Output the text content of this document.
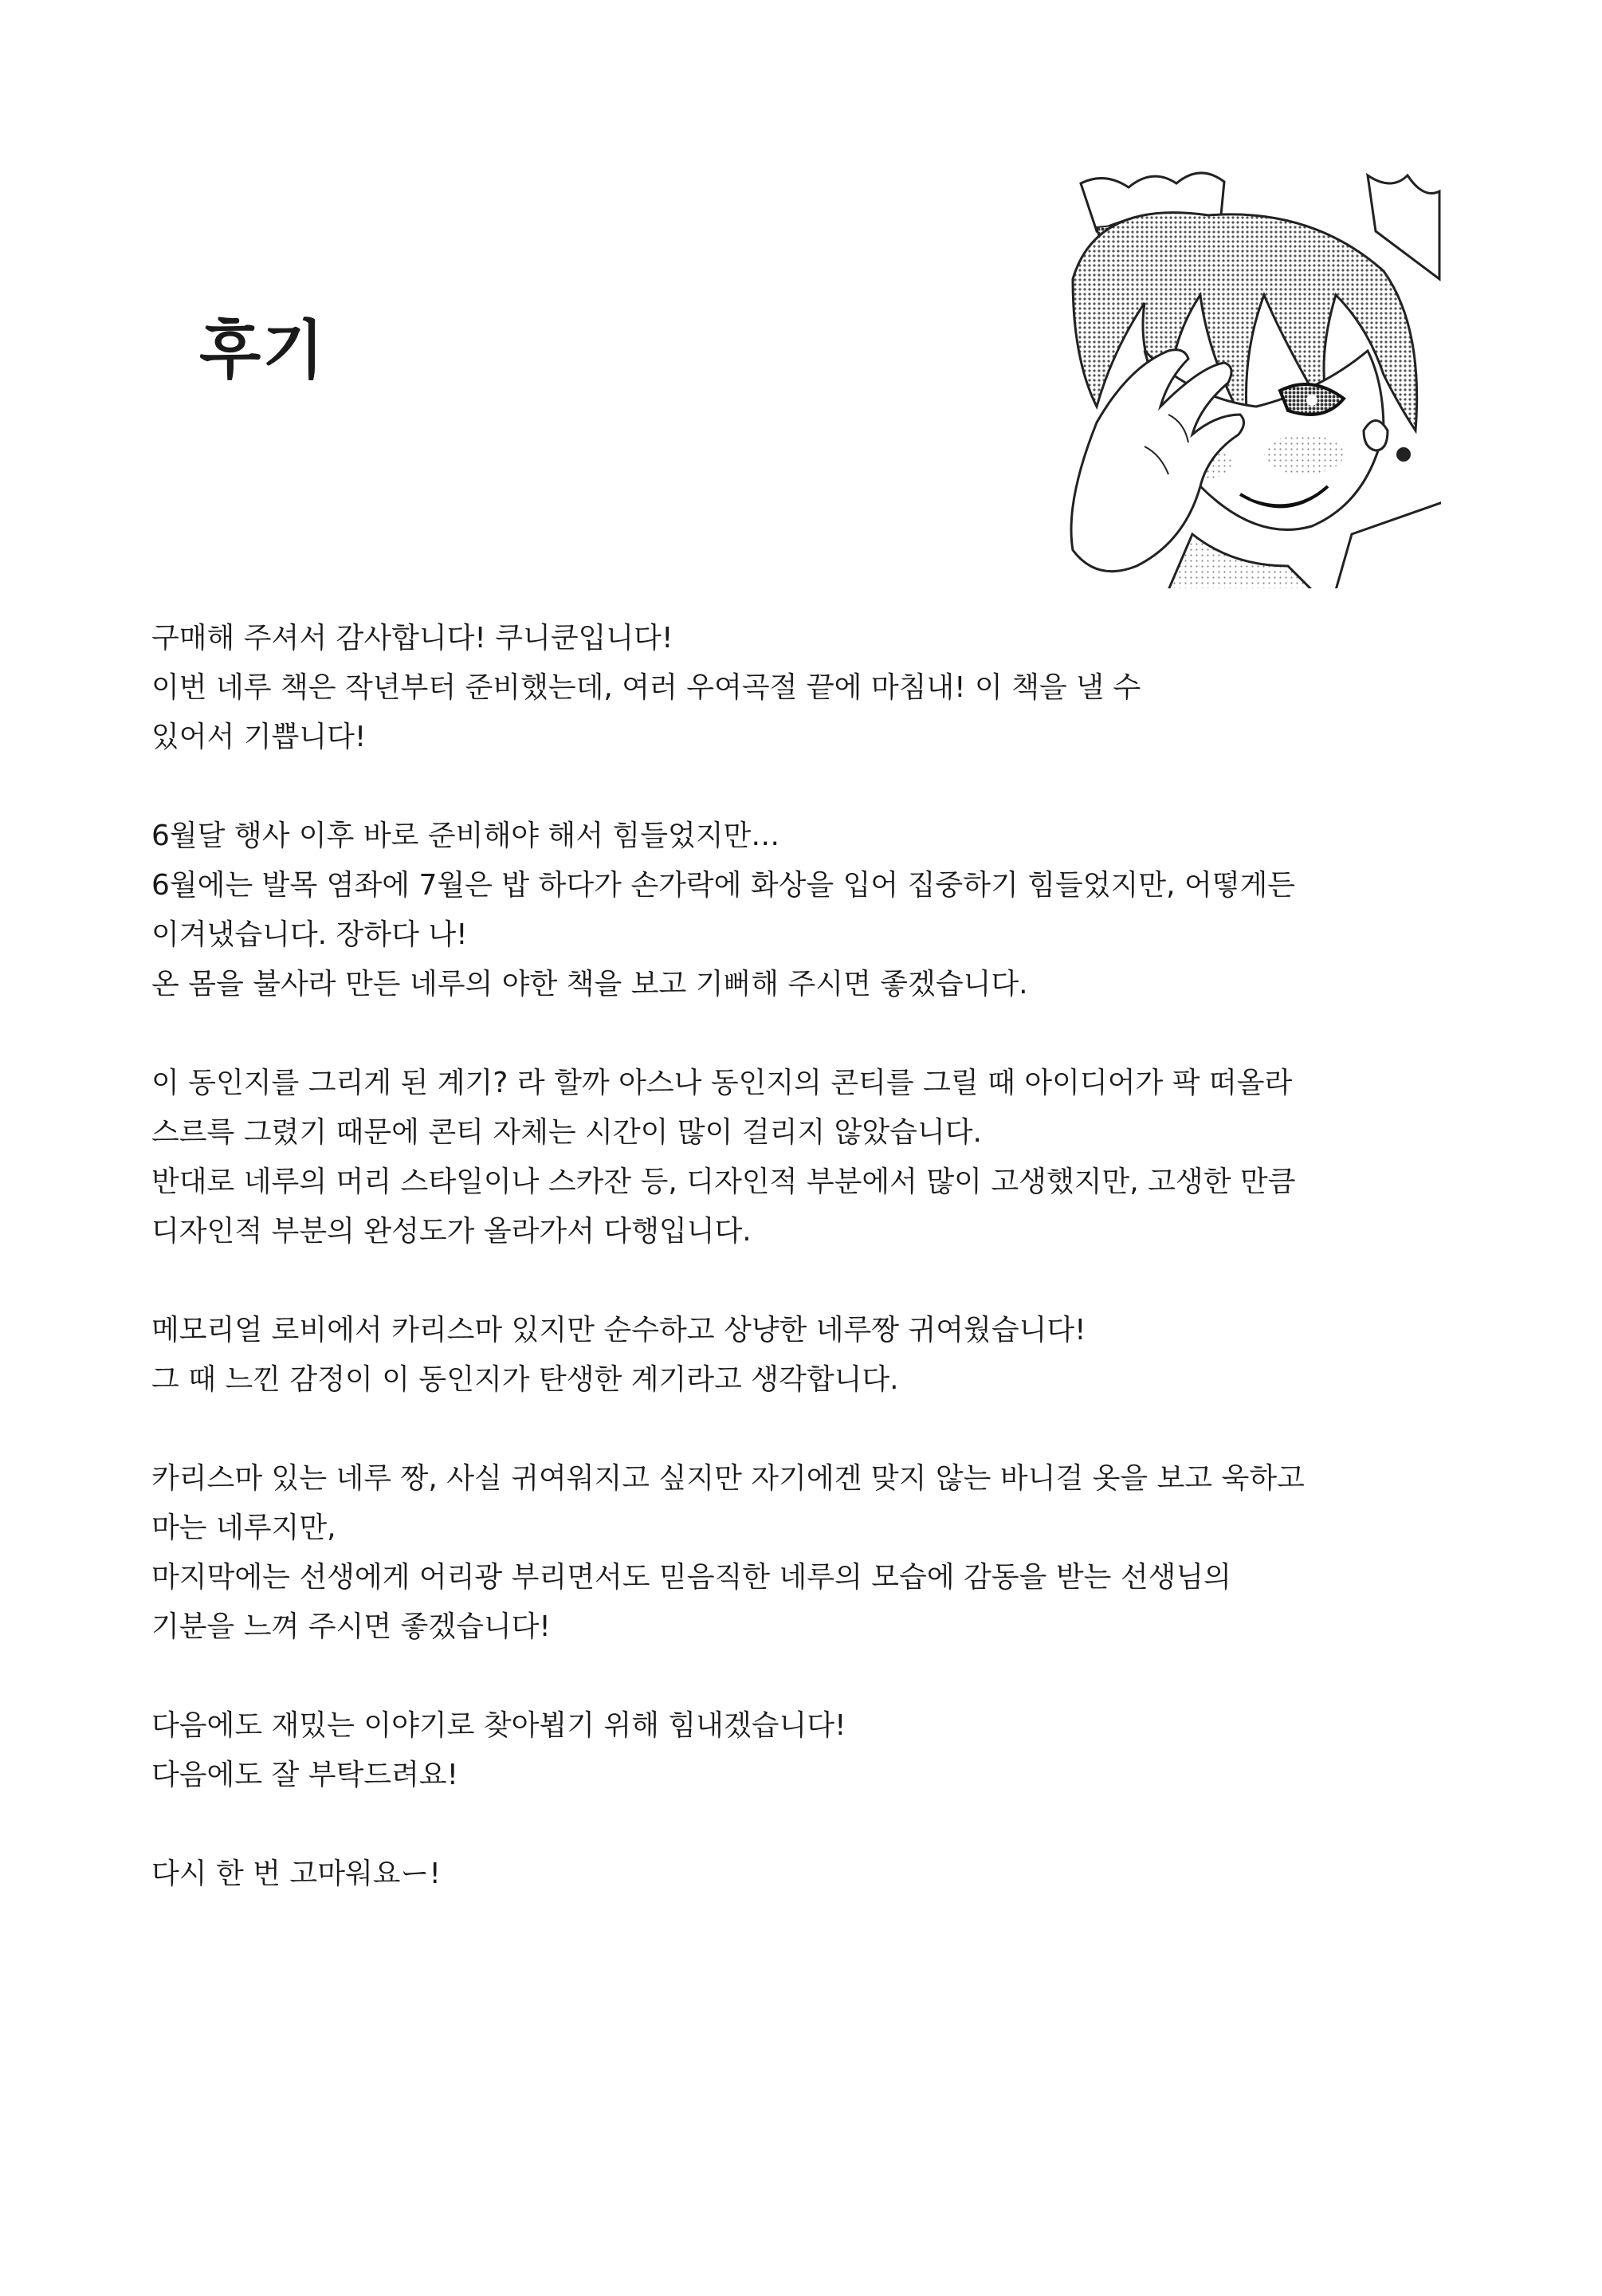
후기

구매해 주셔서 감사합니다! 쿠니쿤입니다!
이번 네루 책은 작년부터 준비했는데, 여러 우여곡절 끝에 마침내! 이 책을 낼 수
있어서 기쁩니다!

6월달 행사 이후 바로 준비해야 해서 힘들었지만…
6월에는 발목 염좌에 7월은 밥 하다가 손가락에 화상을 입어 집중하기 힘들었지만, 어떻게든
이겨냈습니다. 장하다 나!
온 몸을 불사라 만든 네루의 야한 책을 보고 기뻐해 주시면 좋겠습니다.

이 동인지를 그리게 된 계기? 라 할까 아스나 동인지의 콘티를 그릴 때 아이디어가 팍 떠올라
스르륵 그렸기 때문에 콘티 자체는 시간이 많이 걸리지 않았습니다.
반대로 네루의 머리 스타일이나 스카잔 등, 디자인적 부분에서 많이 고생했지만, 고생한 만큼
디자인적 부분의 완성도가 올라가서 다행입니다.

메모리얼 로비에서 카리스마 있지만 순수하고 상냥한 네루짱 귀여웠습니다!
그 때 느낀 감정이 이 동인지가 탄생한 계기라고 생각합니다.

카리스마 있는 네루 짱, 사실 귀여워지고 싶지만 자기에겐 맞지 않는 바니걸 옷을 보고 욱하고
마는 네루지만,
마지막에는 선생에게 어리광 부리면서도 믿음직한 네루의 모습에 감동을 받는 선생님의
기분을 느껴 주시면 좋겠습니다!

다음에도 재밌는 이야기로 찾아뵙기 위해 힘내겠습니다!
다음에도 잘 부탁드려요!

다시 한 번 고마워요ー!
